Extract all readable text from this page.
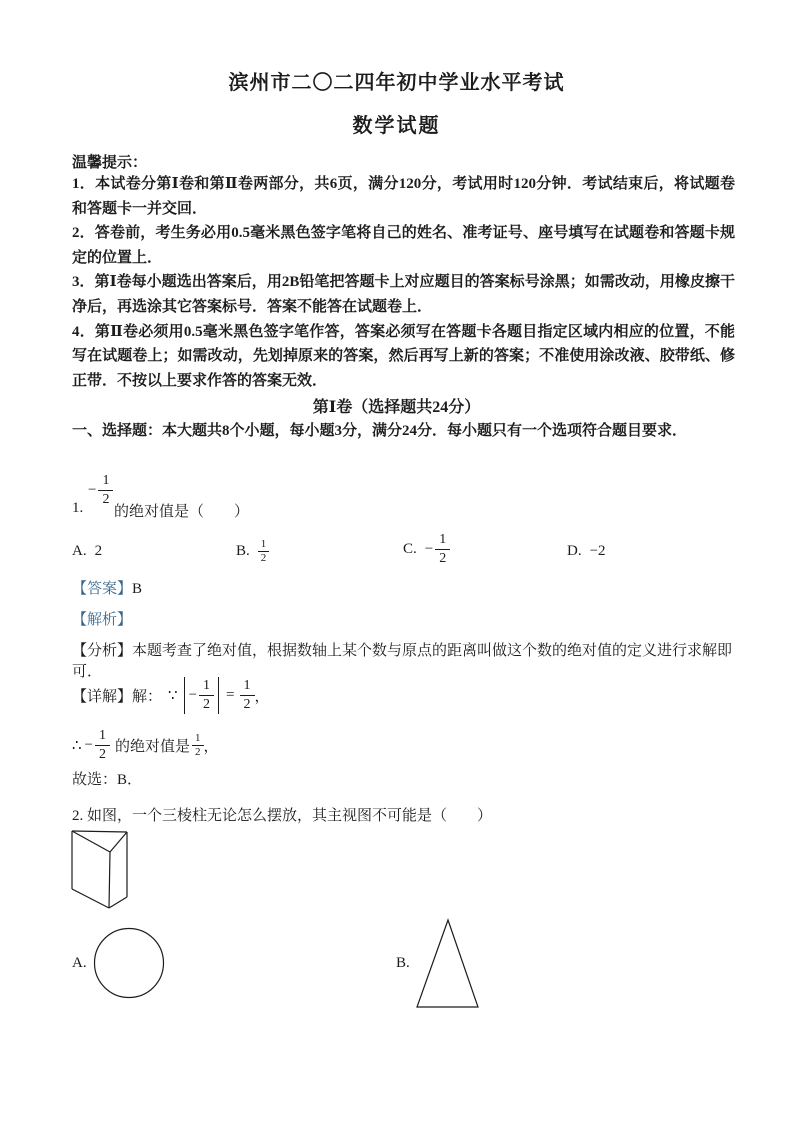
滨州市二〇二四年初中学业水平考试
数学试题
温馨提示：

1．本试卷分第Ⅰ卷和第Ⅱ卷两部分，共6页，满分120分，考试用时120分钟．考试结束后，将试题卷和答题卡一并交回．

2．答卷前，考生务必用0.5毫米黑色签字笔将自己的姓名、准考证号、座号填写在试题卷和答题卡规定的位置上．

3．第Ⅰ卷每小题选出答案后，用2B铅笔把答题卡上对应题目的答案标号涂黑；如需改动，用橡皮擦干净后，再选涂其它答案标号．答案不能答在试题卷上．

4．第Ⅱ卷必须用0.5毫米黑色签字笔作答，答案必须写在答题卡各题目指定区域内相应的位置，不能写在试题卷上；如需改动，先划掉原来的答案，然后再写上新的答案；不准使用涂改液、胶带纸、修正带．不按以上要求作答的答案无效．

第Ⅰ卷（选择题共24分）
一、选择题：本大题共8个小题，每小题3分，满分24分．每小题只有一个选项符合题目要求．
1.
− $\frac{1}{2}$
的绝对值是（　　）
A. 2	B. $\frac{1}{2}$	C. − $\frac{1}{2}$	D. −2
【答案】B
【解析】
【分析】本题考查了绝对值，根据数轴上某个数与原点的距离叫做这个数的绝对值的定义进行求解即可．
【详解】 解： ∵ − $\frac{1}{2} = \frac{1}{2}$ ，
∴ − $\frac{1}{2}$ 的绝对值是 $\frac{1}{2}$ ，
故选：B．
2. 如图，一个三棱柱无论怎么摆放，其主视图不可能是（　　）
A.	B.
